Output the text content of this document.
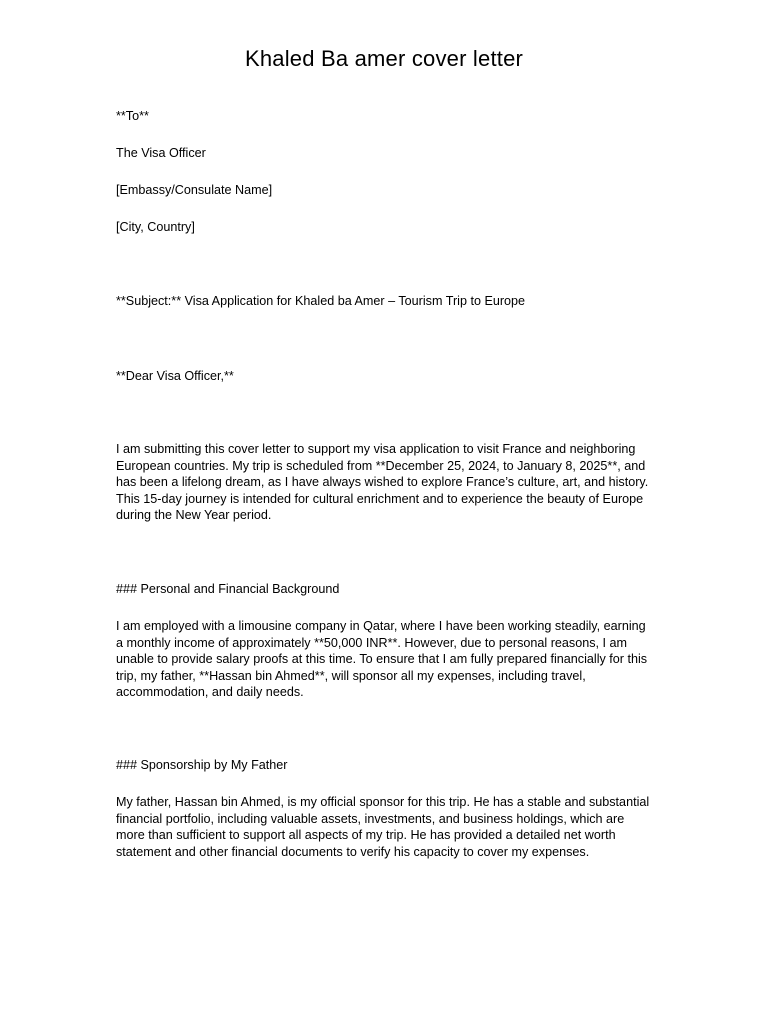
Khaled Ba amer cover letter
**To**
The Visa Officer
[Embassy/Consulate Name]
[City, Country]
**Subject:** Visa Application for Khaled ba Amer – Tourism Trip to Europe
**Dear Visa Officer,**
I am submitting this cover letter to support my visa application to visit France and neighboring European countries. My trip is scheduled from **December 25, 2024, to January 8, 2025**, and has been a lifelong dream, as I have always wished to explore France’s culture, art, and history. This 15-day journey is intended for cultural enrichment and to experience the beauty of Europe during the New Year period.
### Personal and Financial Background
I am employed with a limousine company in Qatar, where I have been working steadily, earning a monthly income of approximately **50,000 INR**. However, due to personal reasons, I am unable to provide salary proofs at this time. To ensure that I am fully prepared financially for this trip, my father, **Hassan bin Ahmed**, will sponsor all my expenses, including travel, accommodation, and daily needs.
### Sponsorship by My Father
My father, Hassan bin Ahmed, is my official sponsor for this trip. He has a stable and substantial financial portfolio, including valuable assets, investments, and business holdings, which are more than sufficient to support all aspects of my trip. He has provided a detailed net worth statement and other financial documents to verify his capacity to cover my expenses.
